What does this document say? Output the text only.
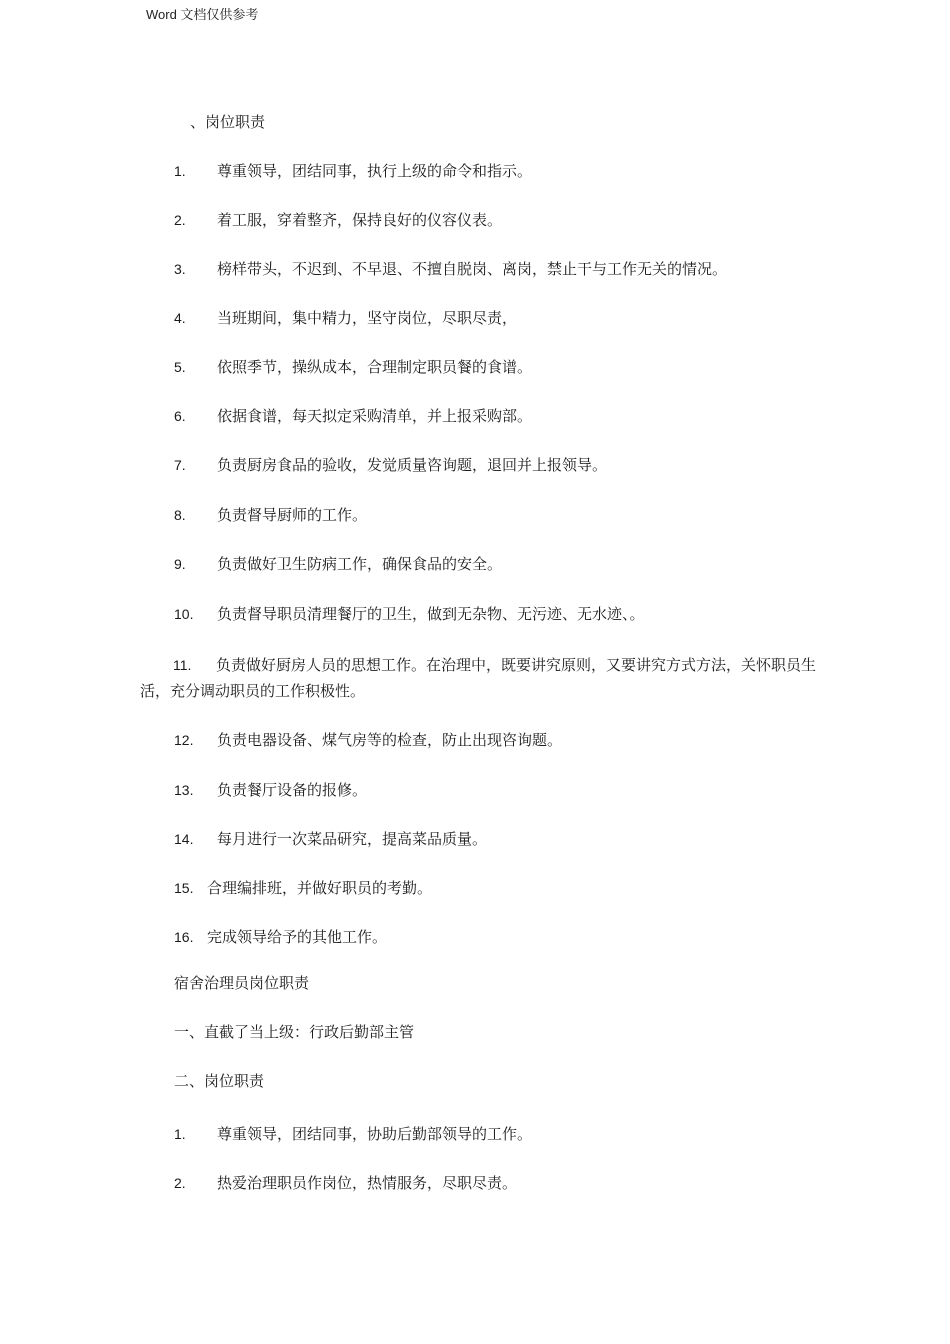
Word 文档仅供参考
、岗位职责
1. 尊重领导，团结同事，执行上级的命令和指示。
2. 着工服，穿着整齐，保持良好的仪容仪表。
3. 榜样带头，不迟到、不早退、不擅自脱岗、离岗，禁止干与工作无关的情况。
4. 当班期间，集中精力，坚守岗位，尽职尽责，
5. 依照季节，操纵成本，合理制定职员餐的食谱。
6. 依据食谱，每天拟定采购清单，并上报采购部。
7. 负责厨房食品的验收，发觉质量咨询题，退回并上报领导。
8. 负责督导厨师的工作。
9. 负责做好卫生防病工作，确保食品的安全。
10. 负责督导职员清理餐厅的卫生，做到无杂物、无污迹、无水迹、。
11. 负责做好厨房人员的思想工作。在治理中，既要讲究原则，又要讲究方式方法，关怀职员生活，充分调动职员的工作积极性。
12. 负责电器设备、煤气房等的检查，防止出现咨询题。
13. 负责餐厅设备的报修。
14. 每月进行一次菜品研究，提高菜品质量。
15. 合理编排班，并做好职员的考勤。
16. 完成领导给予的其他工作。
宿舍治理员岗位职责
一、直截了当上级：行政后勤部主管
二、岗位职责
1. 尊重领导，团结同事，协助后勤部领导的工作。
2. 热爱治理职员作岗位，热情服务，尽职尽责。
